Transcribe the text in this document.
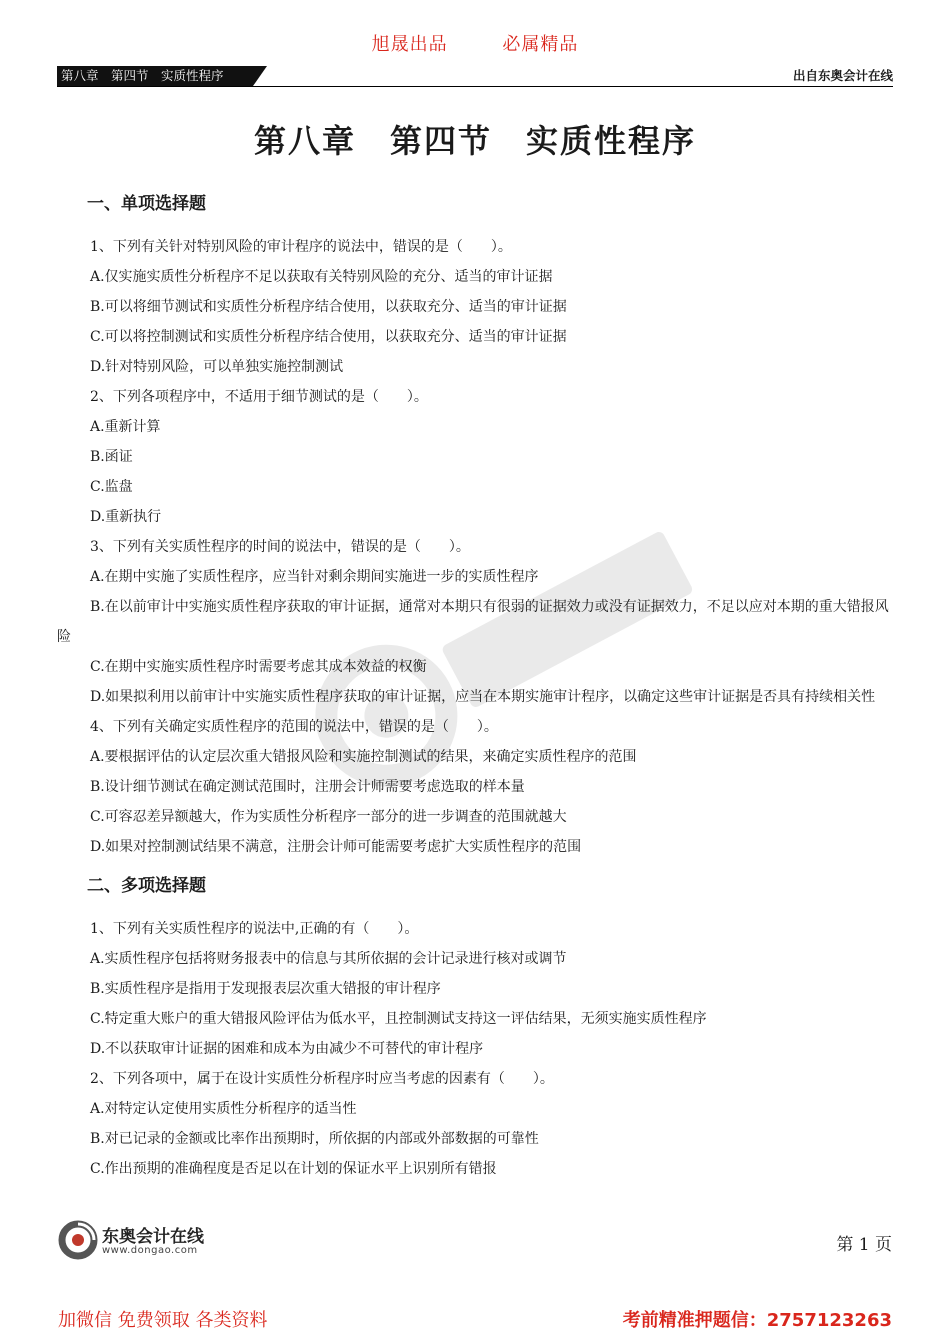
旭晟出品	必属精品
第八章　第四节　实质性程序	出自东奥会计在线
第八章　第四节　实质性程序
一、单项选择题

1、下列有关针对特别风险的审计程序的说法中，错误的是（　　）。

A.仅实施实质性分析程序不足以获取有关特别风险的充分、适当的审计证据

B.可以将细节测试和实质性分析程序结合使用，以获取充分、适当的审计证据

C.可以将控制测试和实质性分析程序结合使用，以获取充分、适当的审计证据

D.针对特别风险，可以单独实施控制测试

2、下列各项程序中，不适用于细节测试的是（　　）。

A.重新计算

B.函证

C.监盘

D.重新执行

3、下列有关实质性程序的时间的说法中，错误的是（　　）。

A.在期中实施了实质性程序，应当针对剩余期间实施进一步的实质性程序

B.在以前审计中实施实质性程序获取的审计证据，通常对本期只有很弱的证据效力或没有证据效力，不足以应对本期的重大错报风险

C.在期中实施实质性程序时需要考虑其成本效益的权衡

D.如果拟利用以前审计中实施实质性程序获取的审计证据，应当在本期实施审计程序，以确定这些审计证据是否具有持续相关性

4、下列有关确定实质性程序的范围的说法中，错误的是（　　）。

A.要根据评估的认定层次重大错报风险和实施控制测试的结果，来确定实质性程序的范围

B.设计细节测试在确定测试范围时，注册会计师需要考虑选取的样本量

C.可容忍差异额越大，作为实质性分析程序一部分的进一步调查的范围就越大

D.如果对控制测试结果不满意，注册会计师可能需要考虑扩大实质性程序的范围

二、多项选择题

1、下列有关实质性程序的说法中,正确的有（　　）。

A.实质性程序包括将财务报表中的信息与其所依据的会计记录进行核对或调节

B.实质性程序是指用于发现报表层次重大错报的审计程序

C.特定重大账户的重大错报风险评估为低水平，且控制测试支持这一评估结果，无须实施实质性程序

D.不以获取审计证据的困难和成本为由减少不可替代的审计程序

2、下列各项中，属于在设计实质性分析程序时应当考虑的因素有（　　）。

A.对特定认定使用实质性分析程序的适当性

B.对已记录的金额或比率作出预期时，所依据的内部或外部数据的可靠性

C.作出预期的准确程度是否足以在计划的保证水平上识别所有错报

东奥会计在线
www.dongao.com	第 1 页
加微信 免费领取 各类资料	考前精准押题信：2757123263
